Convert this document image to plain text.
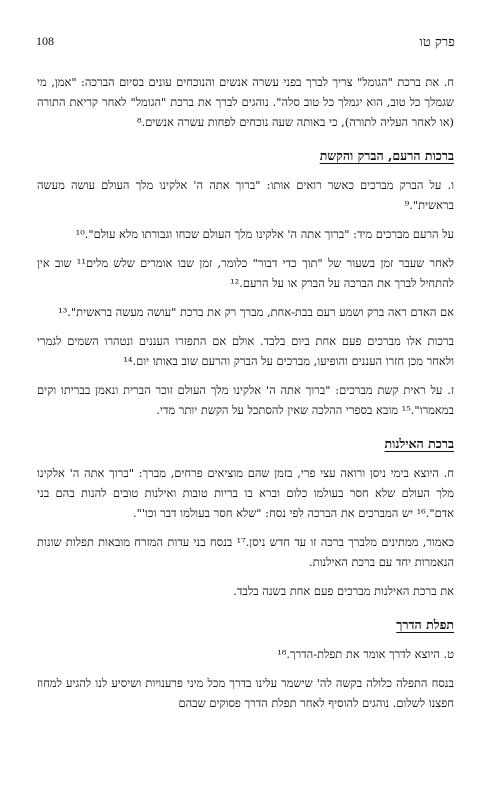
108	פרק טו

ח. את ברכת "הגומל" צריך לברך בפני עשרה אנשים והנוכחים עונים בסיום הברכה: "אמן, מי שגמלך כל טוב, הוא יגמלך כל טוב סלה". נוהגים לברך את ברכת "הגומל" לאחר קריאת התורה (או לאחר העליה לתורה), כי באותה שעה נוכחים לפחות עשרה אנשים.⁸

ברכות הרעם, הברק והקשת

ו. על הברק מברכים כאשר רואים אותו: "ברוך אתה ה' אלקינו מלך העולם עושה מעשה בראשית".⁹

על הרעם מברכים מיד: "ברוך אתה ה' אלקינו מלך העולם שכחו וגבורתו מלא עולם".¹⁰

לאחר שעבר זמן בשעור של "תוך כדי דבור" כלומר, זמן שבו אומרים שלש מלים¹¹ שוב אין להתחיל לברך את הברכה על הברק או על הרעם.¹²

אם האדם ראה ברק ושמע רעם בבת-אחת, מברך רק את ברכת "עושה מעשה בראשית".¹³

ברכות אלו מברכים פעם אחת ביום בלבד. אולם אם התפזרו העננים ונטהרו השמים לגמרי ולאחר מכן חזרו העננים והופיעו, מברכים על הברק והרעם שוב באותו יום.¹⁴

ז. על ראית קשת מברכים: "ברוך אתה ה' אלקינו מלך העולם זוכר הברית ונאמן בבריתו וקים במאמרו".¹⁵ מובא בספרי ההלכה שאין להסתכל על הקשת יותר מדי.

ברכת האילנות

ח. היוצא בימי ניסן ורואה עצי פרי, בזמן שהם מוציאים פרחים, מברך: "ברוך אתה ה' אלקינו מלך העולם שלא חסר בעולמו כלום וברא בו בריות טובות ואילנות טובים להנות בהם בני אדם".¹⁶ יש המברכים את הברכה לפי נסח: "שלא חסר בעולמו דבר וכו'".

כאמור, ממתינים מלברך ברכה זו עד חדש ניסן.¹⁷ בנסח בני עדות המזרח מובאות תפלות שונות הנאמרות יחד עם ברכת האילנות.

את ברכת האילנות מברכים פעם אחת בשנה בלבד.

תפלת הדרך

ט. היוצא לדרך אומר את תפלת-הדרך.¹⁸

בנסח התפלה כלולה בקשה לה' שישמר עלינו בדרך מכל מיני פרענויות ושיסיע לנו להגיע למחוז חפצנו לשלום. נוהגים להוסיף לאחר תפלת הדרך פסוקים שבהם
